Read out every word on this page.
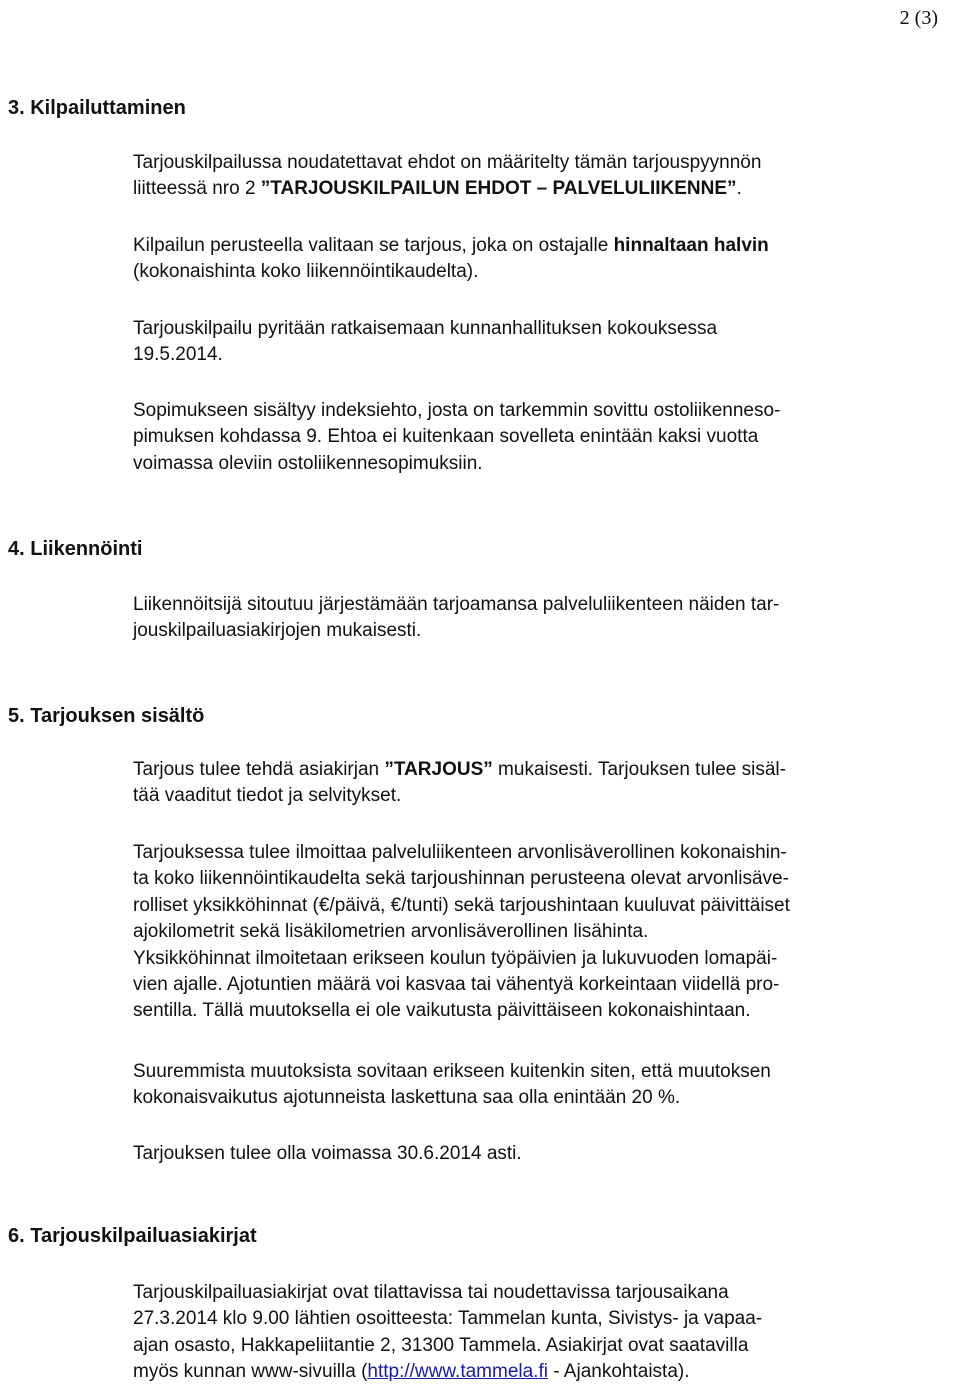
2 (3)
3. Kilpailuttaminen

Tarjouskilpailussa noudatettavat ehdot on määritelty tämän tarjouspyynnön
liitteessä nro 2 ”TARJOUSKILPAILUN EHDOT – PALVELULIIKENNE”.

Kilpailun perusteella valitaan se tarjous, joka on ostajalle hinnaltaan halvin
(kokonaishinta koko liikennöintikaudelta).

Tarjouskilpailu pyritään ratkaisemaan kunnanhallituksen kokouksessa
19.5.2014.

Sopimukseen sisältyy indeksiehto, josta on tarkemmin sovittu ostoliikenneso-
pimuksen kohdassa 9. Ehtoa ei kuitenkaan sovelleta enintään kaksi vuotta
voimassa oleviin ostoliikennesopimuksiin.

4. Liikennöinti

Liikennöitsijä sitoutuu järjestämään tarjoamansa palveluliikenteen näiden tar-
jouskilpailuasiakirjojen mukaisesti.

5. Tarjouksen sisältö

Tarjous tulee tehdä asiakirjan ”TARJOUS” mukaisesti. Tarjouksen tulee sisäl-
tää vaaditut tiedot ja selvitykset.

Tarjouksessa tulee ilmoittaa palveluliikenteen arvonlisäverollinen kokonaishin-
ta koko liikennöintikaudelta sekä tarjoushinnan perusteena olevat arvonlisäve-
rolliset yksikköhinnat (€/päivä, €/tunti) sekä tarjoushintaan kuuluvat päivittäiset
ajokilometrit sekä lisäkilometrien arvonlisäverollinen lisähinta.
Yksikköhinnat ilmoitetaan erikseen koulun työpäivien ja lukuvuoden lomapäi-
vien ajalle. Ajotuntien määrä voi kasvaa tai vähentyä korkeintaan viidellä pro-
sentilla. Tällä muutoksella ei ole vaikutusta päivittäiseen kokonaishintaan.

Suuremmista muutoksista sovitaan erikseen kuitenkin siten, että muutoksen
kokonaisvaikutus ajotunneista laskettuna saa olla enintään 20 %.

Tarjouksen tulee olla voimassa 30.6.2014 asti.

6. Tarjouskilpailuasiakirjat

Tarjouskilpailuasiakirjat ovat tilattavissa tai noudettavissa tarjousaikana
27.3.2014 klo 9.00 lähtien osoitteesta: Tammelan kunta, Sivistys- ja vapaa-
ajan osasto, Hakkapeliitantie 2, 31300 Tammela. Asiakirjat ovat saatavilla
myös kunnan www-sivuilla (http://www.tammela.fi - Ajankohtaista).
